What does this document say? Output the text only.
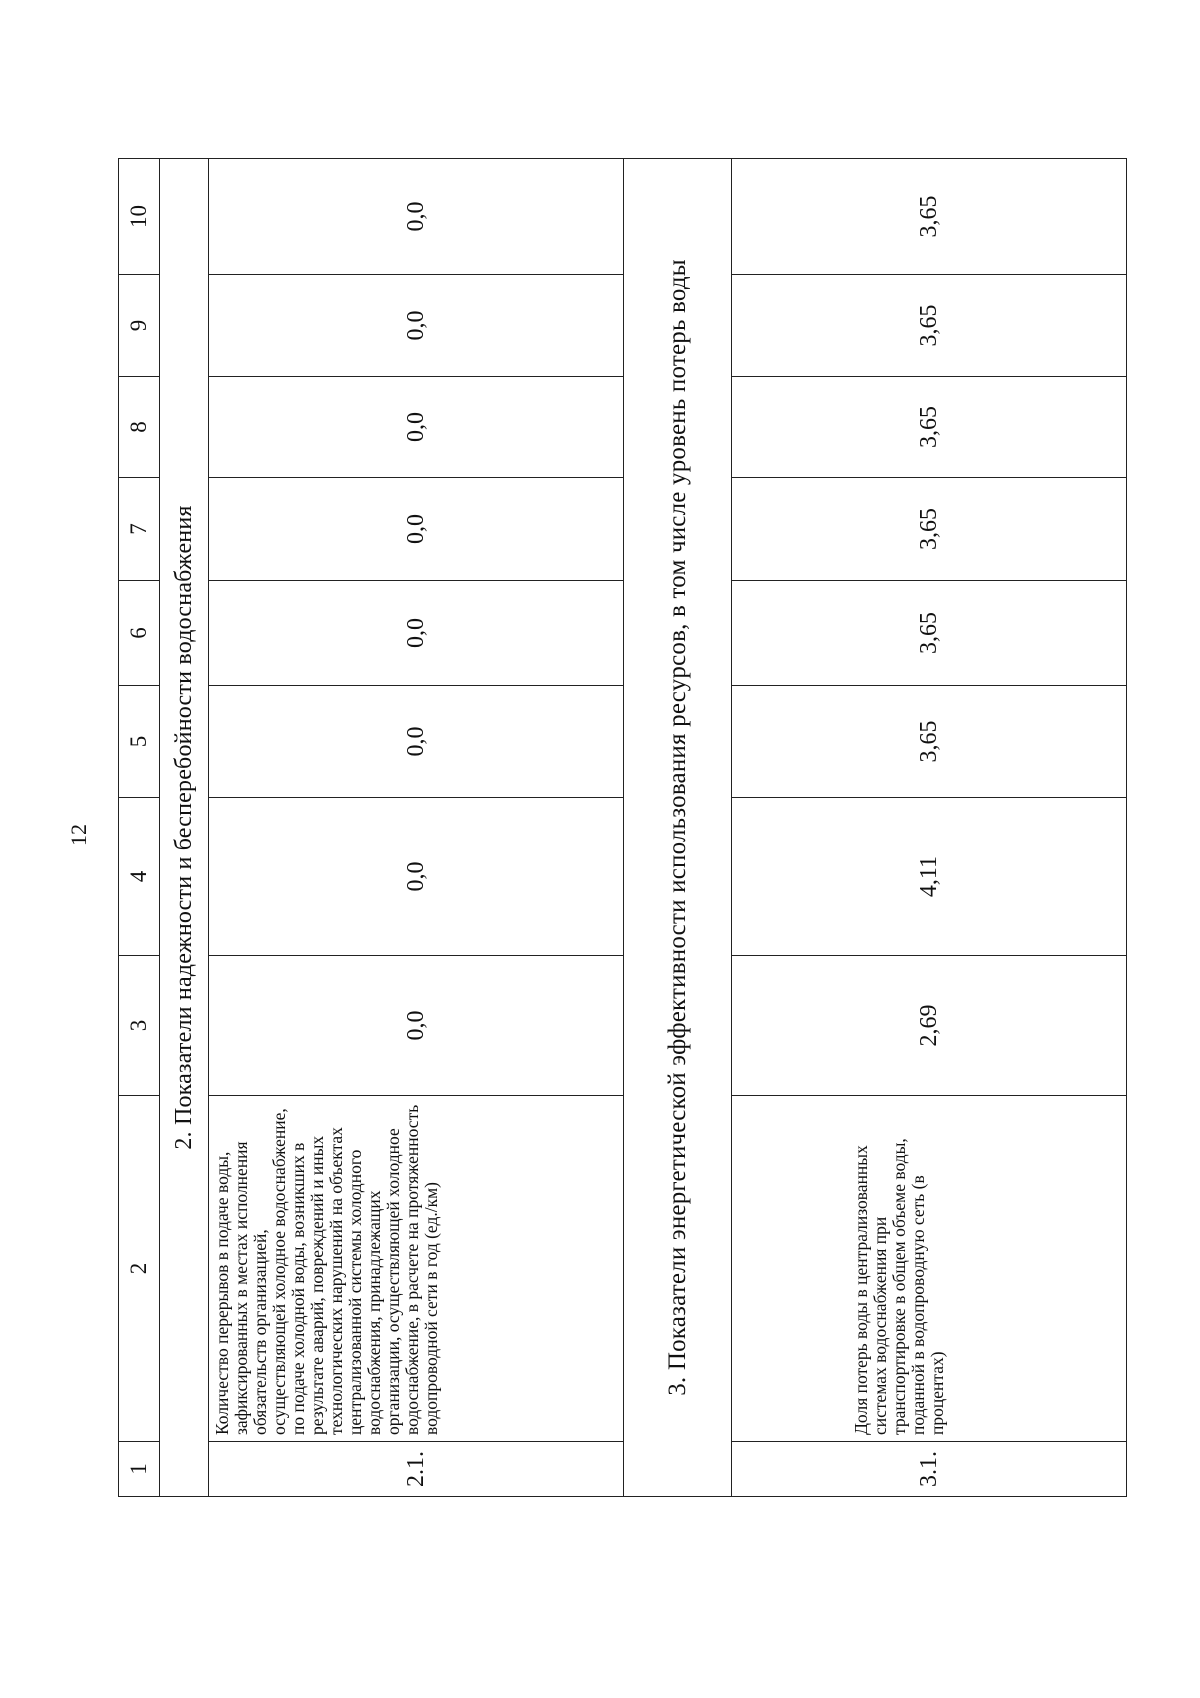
12
1	2	3	4	5	6	7	8	9	10
2. Показатели надежности и бесперебойности водоснабжения									
2.1.	Количество перерывов в подаче воды, зафиксированных в местах исполнения обязательств организацией, осуществляющей холодное водоснабжение, по подаче холодной воды, возникших в результате аварий, повреждений и иных технологических нарушений на объектах централизованной системы холодного водоснабжения, принадлежащих организации, осуществляющей холодное водоснабжение, в расчете на протяженность водопроводной сети в год (ед./км)	0,0	0,0	0,0	0,0	0,0	0,0	0,0	0,0
3. Показатели энергетической эффективности использования ресурсов, в том числе уровень потерь воды									
3.1.	Доля потерь воды в централизованных системах водоснабжения при транспортировке в общем объеме воды, поданной в водопроводную сеть (в процентах)	2,69	4,11	3,65	3,65	3,65	3,65	3,65	3,65
